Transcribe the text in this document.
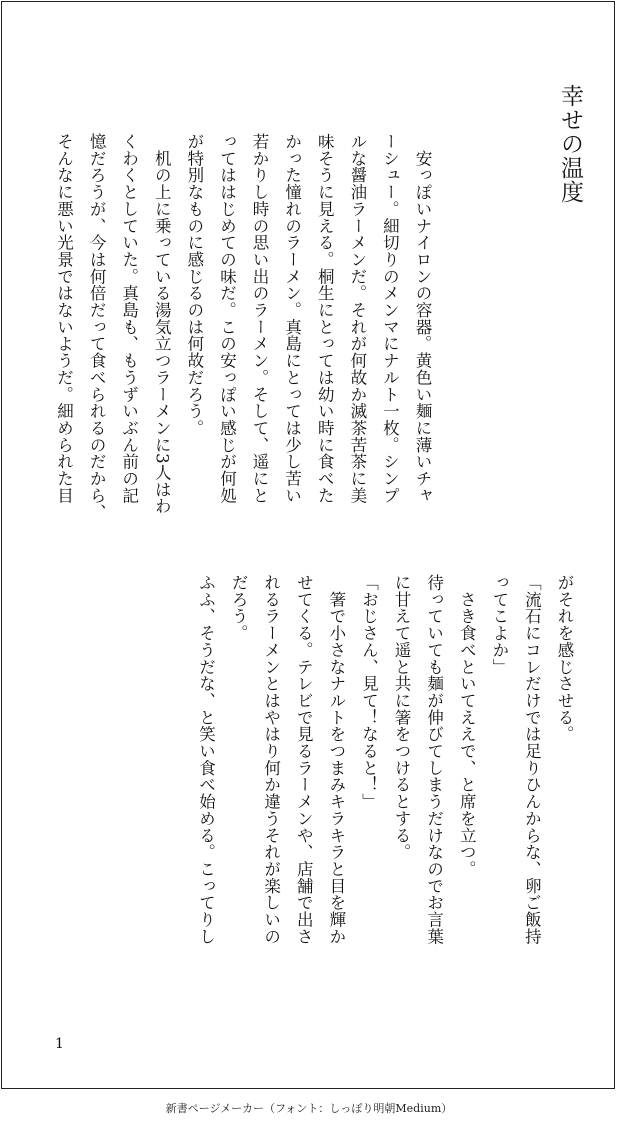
幸せの温度
　安っぽいナイロンの容器。黄色い麺に薄いチャ
ーシュー。細切りのメンマにナルト一枚。シンプ
ルな醤油ラーメンだ。それが何故か滅茶苦茶に美
味そうに見える。桐生にとっては幼い時に食べた
かった憧れのラーメン。真島にとっては少し苦い
若かりし時の思い出のラーメン。そして、遥にと
ってははじめての味だ。この安っぽい感じが何処
が特別なものに感じるのは何故だろう。
　机の上に乗っている湯気立つラーメンに3人はわ
くわくとしていた。真島も、もうずいぶん前の記
憶だろうが、今は何倍だって食べられるのだから、
そんなに悪い光景ではないようだ。細められた目
がそれを感じさせる。
「流石にコレだけでは足りひんからな、卵ご飯持
ってこよか」
　さき食べといてええで、と席を立つ。
待っていても麺が伸びてしまうだけなのでお言葉
に甘えて遥と共に箸をつけるとする。
「おじさん、見て！なると！」
　箸で小さなナルトをつまみキラキラと目を輝か
せてくる。テレビで見るラーメンや、店舗で出さ
れるラーメンとはやはり何か違うそれが楽しいの
だろう。
ふふ、そうだな、と笑い食べ始める。こってりし
1
新書ページメーカー（フォント：しっぽり明朝Medium）
